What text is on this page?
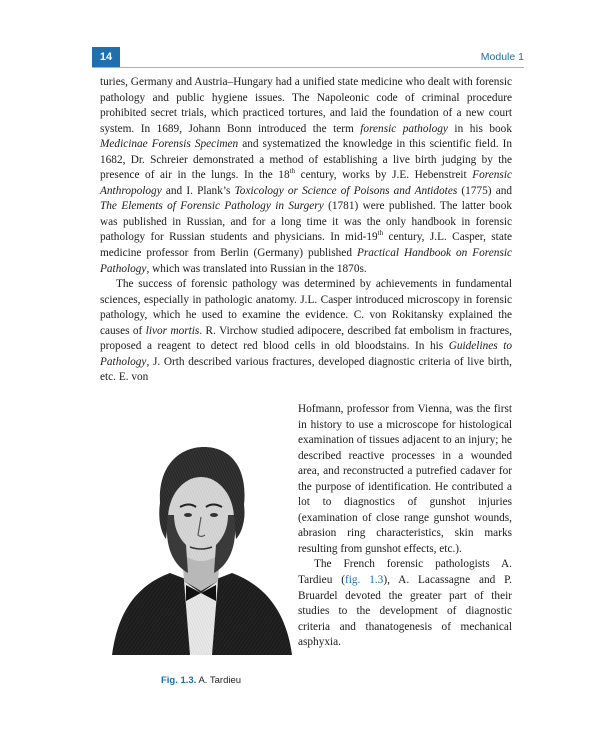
14	Module 1

turies, Germany and Austria–Hungary had a unified state medicine who dealt with forensic pathology and public hygiene issues. The Napoleonic code of criminal procedure prohibited secret trials, which practiced tortures, and laid the foundation of a new court system. In 1689, Johann Bonn introduced the term forensic pathology in his book Medicinae Forensis Specimen and systematized the knowledge in this scientific field. In 1682, Dr. Schreier demonstrated a method of establishing a live birth judging by the presence of air in the lungs. In the 18th century, works by J.E. Hebenstreit Forensic Anthropology and I. Plank’s Toxicology or Science of Poisons and Antidotes (1775) and The Elements of Forensic Pathology in Surgery (1781) were published. The latter book was published in Russian, and for a long time it was the only handbook in forensic pathology for Russian students and physicians. In mid-19th century, J.L. Casper, state medicine professor from Berlin (Germany) published Practical Handbook on Forensic Pathology, which was translated into Russian in the 1870s.

The success of forensic pathology was determined by achievements in fundamental sciences, especially in pathologic anatomy. J.L. Casper introduced microscopy in forensic pathology, which he used to examine the evidence. C. von Rokitansky explained the causes of livor mortis. R. Virchow studied adipocere, described fat embolism in fractures, proposed a reagent to detect red blood cells in old bloodstains. In his Guidelines to Pathology, J. Orth described various fractures, developed diagnostic criteria of live birth, etc. E. von

Fig. 1.3. A. Tardieu

Hofmann, professor from Vienna, was the first in history to use a microscope for histological examination of tissues adjacent to an injury; he described reactive processes in a wounded area, and reconstructed a putrefied cadaver for the purpose of identification. He contributed a lot to diagnostics of gunshot injuries (examination of close range gunshot wounds, abrasion ring characteristics, skin marks resulting from gunshot effects, etc.).

The French forensic pathologists A. Tardieu (fig. 1.3), A. Lacassagne and P. Bruardel devoted the greater part of their studies to the development of diagnostic criteria and thanatogenesis of mechanical asphyxia.
